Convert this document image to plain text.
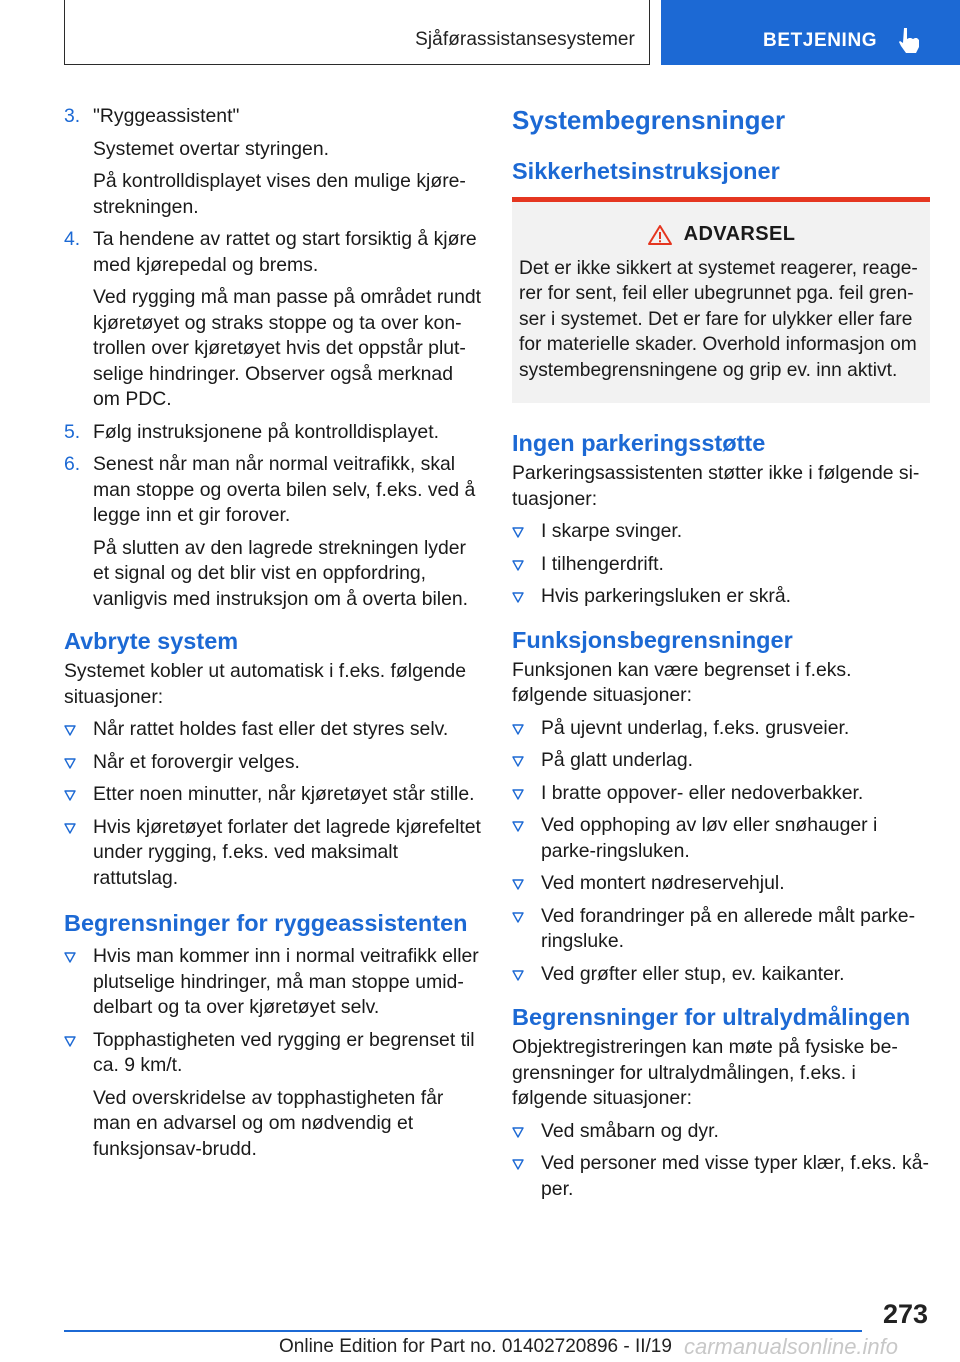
Sjåførassistansesystemer	BETJENING
3. "Ryggeassistent"

Systemet overtar styringen.

På kontrolldisplayet vises den mulige kjøre-strekningen.

4. Ta hendene av rattet og start forsiktig å kjøre med kjørepedal og brems.

Ved rygging må man passe på området rundt kjøretøyet og straks stoppe og ta over kon-trollen over kjøretøyet hvis det oppstår plut-selige hindringer. Observer også merknad om PDC.

5. Følg instruksjonene på kontrolldisplayet.
6. Senest når man når normal veitrafikk, skal man stoppe og overta bilen selv, f.eks. ved å legge inn et gir forover.

På slutten av den lagrede strekningen lyder et signal og det blir vist en oppfordring, vanligvis med instruksjon om å overta bilen.

Avbryte system

Systemet kobler ut automatisk i f.eks. følgende situasjoner:

Når rattet holdes fast eller det styres selv.
Når et forovergir velges.
Etter noen minutter, når kjøretøyet står stille.
Hvis kjøretøyet forlater det lagrede kjørefeltet under rygging, f.eks. ved maksimalt rattutslag.
Begrensninger for ryggeassistenten
Hvis man kommer inn i normal veitrafikk eller plutselige hindringer, må man stoppe umid-delbart og ta over kjøretøyet selv.
Topphastigheten ved rygging er begrenset til ca. 9 km/t.

Ved overskridelse av topphastigheten får man en advarsel og om nødvendig et funksjonsav-brudd.

Systembegrensninger
Sikkerhetsinstruksjoner
ADVARSEL

Det er ikke sikkert at systemet reagerer, reage-rer for sent, feil eller ubegrunnet pga. feil gren-ser i systemet. Det er fare for ulykker eller fare for materielle skader. Overhold informasjon om systembegrensningene og grip ev. inn aktivt.

Ingen parkeringsstøtte

Parkeringsassistenten støtter ikke i følgende si-tuasjoner:

I skarpe svinger.
I tilhengerdrift.
Hvis parkeringsluken er skrå.
Funksjonsbegrensninger

Funksjonen kan være begrenset i f.eks. følgende situasjoner:

På ujevnt underlag, f.eks. grusveier.
På glatt underlag.
I bratte oppover- eller nedoverbakker.
Ved opphoping av løv eller snøhauger i parke-ringsluken.
Ved montert nødreservehjul.
Ved forandringer på en allerede målt parke-ringsluke.
Ved grøfter eller stup, ev. kaikanter.
Begrensninger for ultralydmålingen

Objektregistreringen kan møte på fysiske be-grensninger for ultralydmålingen, f.eks. i følgende situasjoner:

Ved småbarn og dyr.
Ved personer med visse typer klær, f.eks. kå-per.
273
Online Edition for Part no. 01402720896 - II/19 carmanualsonline.info
